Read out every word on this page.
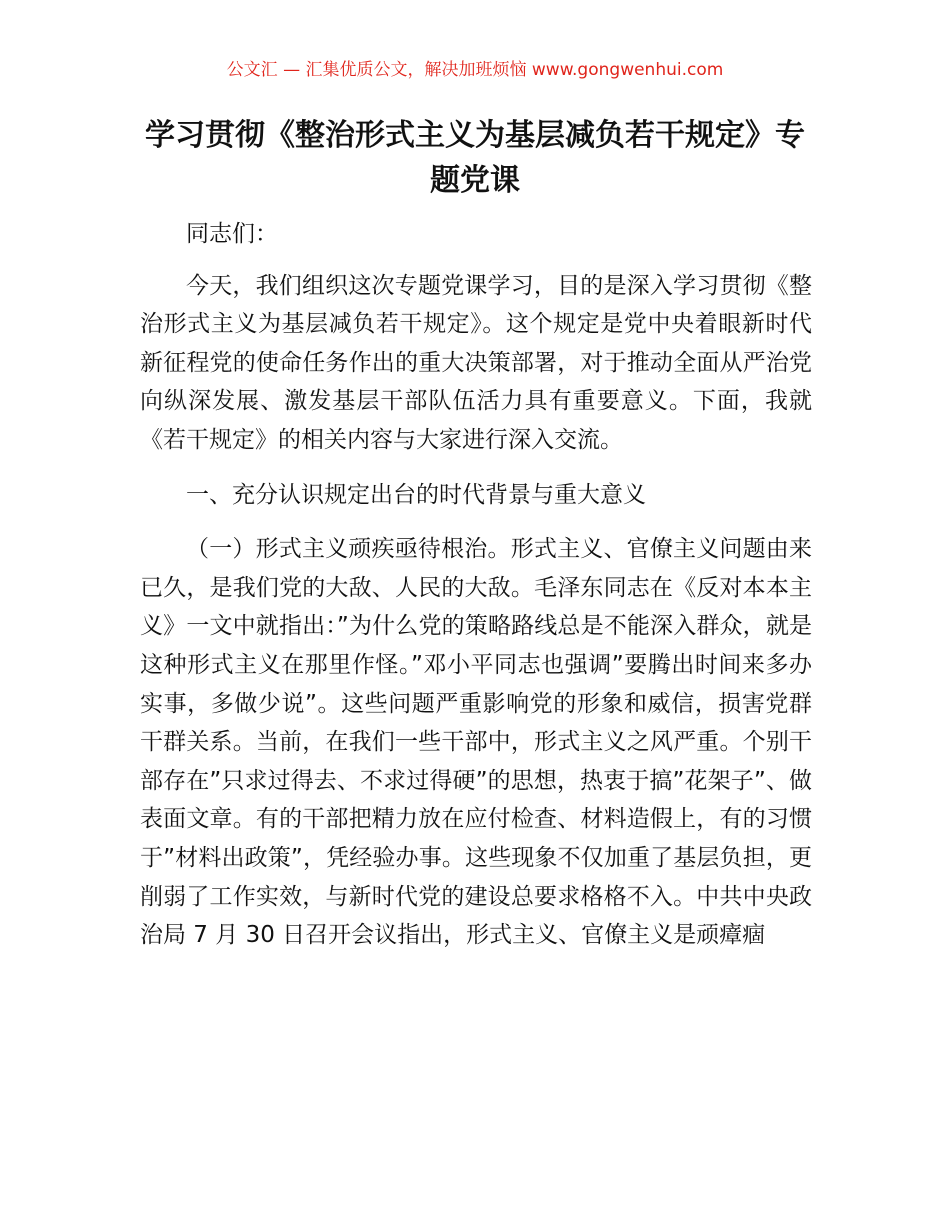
公文汇 — 汇集优质公文，解决加班烦恼 www.gongwenhui.com
学习贯彻《整治形式主义为基层减负若干规定》专题党课

同志们：

今天，我们组织这次专题党课学习，目的是深入学习贯彻《整治形式主义为基层减负若干规定》。这个规定是党中央着眼新时代新征程党的使命任务作出的重大决策部署，对于推动全面从严治党向纵深发展、激发基层干部队伍活力具有重要意义。下面，我就《若干规定》的相关内容与大家进行深入交流。

一、充分认识规定出台的时代背景与重大意义

（一）形式主义顽疾亟待根治。形式主义、官僚主义问题由来已久，是我们党的大敌、人民的大敌。毛泽东同志在《反对本本主义》一文中就指出：”为什么党的策略路线总是不能深入群众，就是这种形式主义在那里作怪。”邓小平同志也强调”要腾出时间来多办实事，多做少说”。这些问题严重影响党的形象和威信，损害党群干群关系。当前，在我们一些干部中，形式主义之风严重。个别干部存在”只求过得去、不求过得硬”的思想，热衷于搞”花架子”、做表面文章。有的干部把精力放在应付检查、材料造假上，有的习惯于”材料出政策”，凭经验办事。这些现象不仅加重了基层负担，更削弱了工作实效，与新时代党的建设总要求格格不入。中共中央政治局 7 月 30 日召开会议指出，形式主义、官僚主义是顽瘴痼
